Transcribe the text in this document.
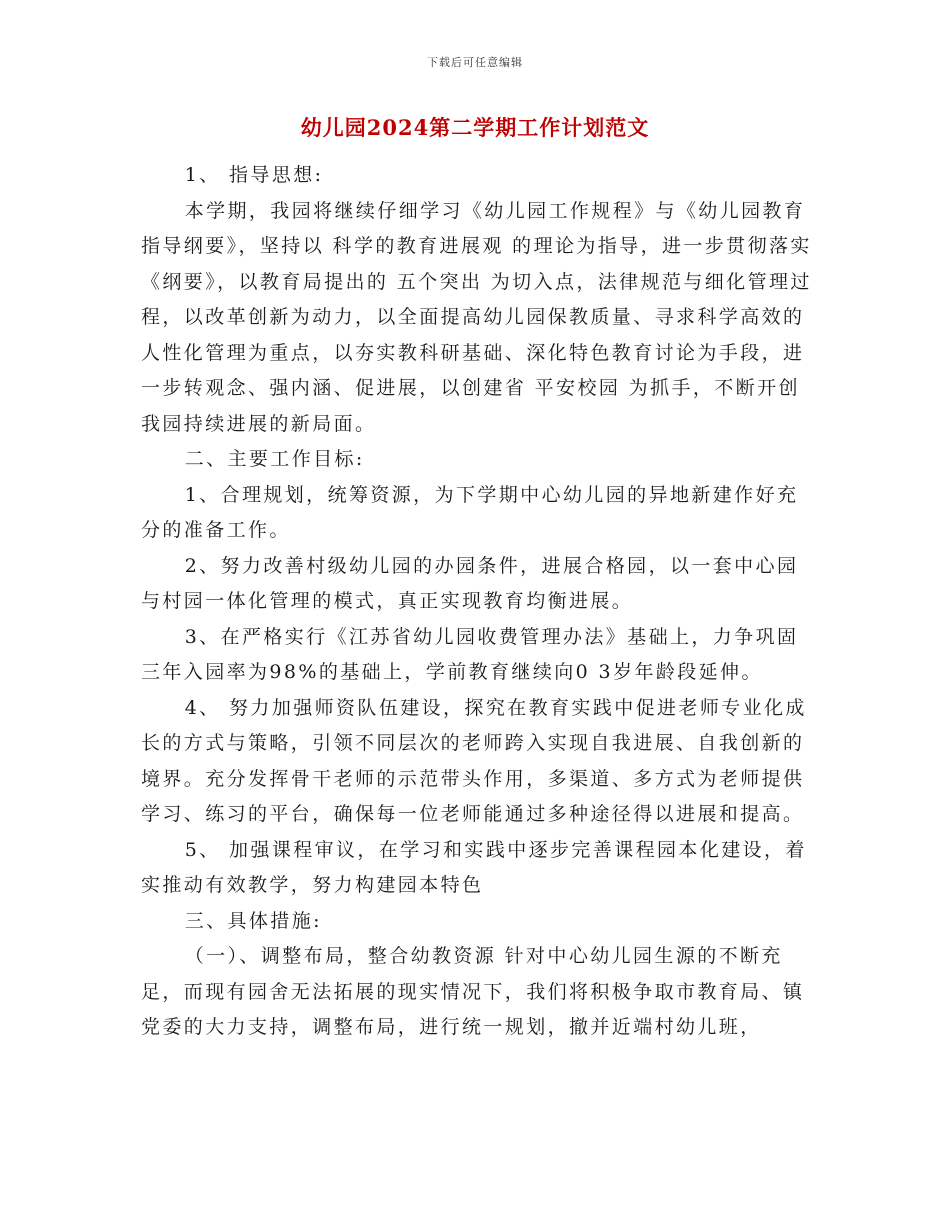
下载后可任意编辑
幼儿园2024第二学期工作计划范文

1、 指导思想:

本学期，我园将继续仔细学习《幼儿园工作规程》与《幼儿园教育指导纲要》，坚持以 科学的教育进展观 的理论为指导，进一步贯彻落实《纲要》，以教育局提出的 五个突出 为切入点，法律规范与细化管理过程，以改革创新为动力，以全面提高幼儿园保教质量、寻求科学高效的人性化管理为重点，以夯实教科研基础、深化特色教育讨论为手段，进一步转观念、强内涵、促进展，以创建省 平安校园 为抓手，不断开创我园持续进展的新局面。

二、主要工作目标:

1、合理规划，统筹资源，为下学期中心幼儿园的异地新建作好充分的准备工作。

2、努力改善村级幼儿园的办园条件，进展合格园，以一套中心园与村园一体化管理的模式，真正实现教育均衡进展。

3、在严格实行《江苏省幼儿园收费管理办法》基础上，力争巩固三年入园率为98%的基础上，学前教育继续向0 3岁年龄段延伸。

4、 努力加强师资队伍建设，探究在教育实践中促进老师专业化成长的方式与策略，引领不同层次的老师跨入实现自我进展、自我创新的境界。充分发挥骨干老师的示范带头作用，多渠道、多方式为老师提供学习、练习的平台，确保每一位老师能通过多种途径得以进展和提高。

5、 加强课程审议，在学习和实践中逐步完善课程园本化建设，着实推动有效教学，努力构建园本特色

三、具体措施:

（一）、调整布局，整合幼教资源 针对中心幼儿园生源的不断充足，而现有园舍无法拓展的现实情况下，我们将积极争取市教育局、镇党委的大力支持，调整布局，进行统一规划，撤并近端村幼儿班，
